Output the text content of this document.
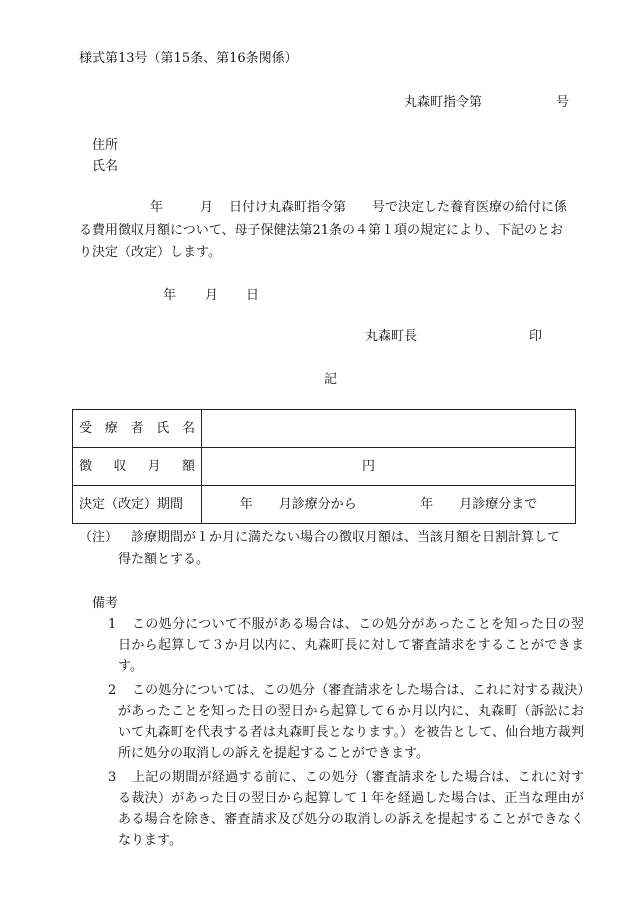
様式第13号（第15条、第16条関係）
丸森町指令第	号
住所
氏名
年	月 日付け丸森町指令第　　号で決定した養育医療の給付に係
る費用徴収月額について、母子保健法第21条の４第１項の規定により、下記のとお
り決定（改定）します。
年 月 日
丸森町長	印
記
受 療 者 氏 名	

徴 収 月 額	円
決定（改定）期間	年　　月診療分から 年　　月診療分まで
（注） 診療期間が１か月に満たない場合の徴収月額は、当該月額を日割計算して
得た額とする。
備考
1	この処分について不服がある場合は、この処分があったことを知った日の翌日から起算して３か月以内に、丸森町長に対して審査請求をすることができます。
2	この処分については、この処分（審査請求をした場合は、これに対する裁決）があったことを知った日の翌日から起算して６か月以内に、丸森町（訴訟において丸森町を代表する者は丸森町長となります。）を被告として、仙台地方裁判所に処分の取消しの訴えを提起することができます。
3	上記の期間が経過する前に、この処分（審査請求をした場合は、これに対する裁決）があった日の翌日から起算して１年を経過した場合は、正当な理由がある場合を除き、審査請求及び処分の取消しの訴えを提起することができなくなります。
